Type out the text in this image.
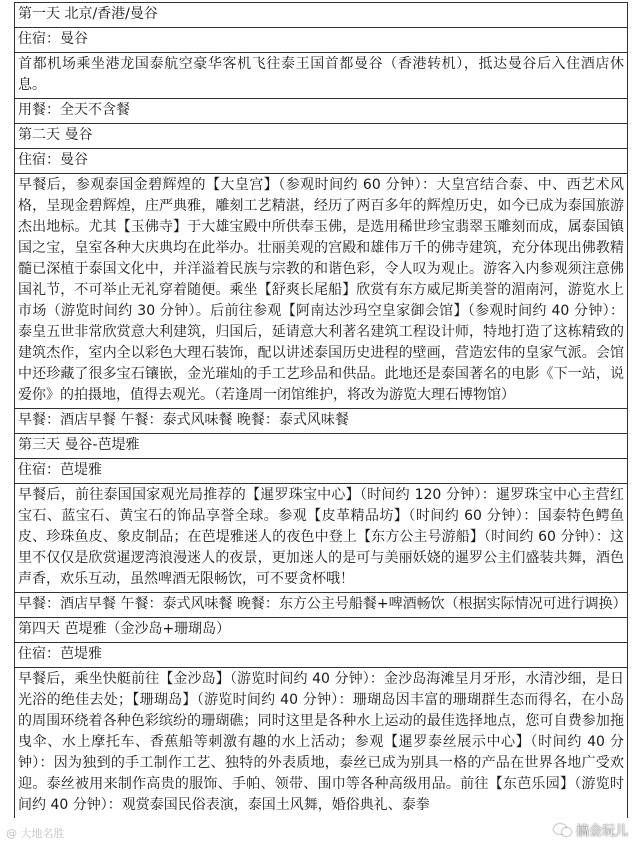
第一天 北京/香港/曼谷
住宿：曼谷
首都机场乘坐港龙国泰航空豪华客机飞往泰王国首都曼谷（香港转机），抵达曼谷后入住酒店休息。
用餐：全天不含餐
第二天 曼谷
住宿：曼谷
早餐后，参观泰国金碧辉煌的【大皇宫】（参观时间约 60 分钟）：大皇宫结合泰、中、西艺术风格，呈现金碧辉煌，庄严典雅，雕刻工艺精湛，经历了两百多年的辉煌历史，如今已成为泰国旅游杰出地标。尤其【玉佛寺】于大雄宝殿中所供奉玉佛，是选用稀世珍宝翡翠玉雕刻而成，属泰国镇国之宝，皇室各种大庆典均在此举办。壮丽美观的宫殿和雄伟万千的佛寺建筑，充分体现出佛教精髓已深植于泰国文化中，并洋溢着民族与宗教的和谐色彩，令人叹为观止。游客入内参观须注意佛国礼节，不可举止无礼穿着随便。乘坐【舒爽长尾船】欣赏有东方威尼斯美誉的湄南河，游览水上市场（游览时间约 30 分钟）。后前往参观【阿南达沙玛空皇家御会馆】（参观时间约 40 分钟）：泰皇五世非常欣赏意大利建筑，归国后，延请意大利著名建筑工程设计师，特地打造了这栋精致的建筑杰作，室内全以彩色大理石装饰，配以讲述泰国历史进程的壁画，营造宏伟的皇家气派。会馆中还珍藏了很多宝石镶嵌，金光璀灿的手工艺珍品和供品。此地还是泰国著名的电影《下一站，说爱你》的拍摄地，值得去观光。（若逢周一闭馆维护，将改为游览大理石博物馆）
早餐：酒店早餐 午餐：泰式风味餐 晚餐：泰式风味餐
第三天 曼谷-芭堤雅
住宿：芭堤雅
早餐后，前往泰国国家观光局推荐的【暹罗珠宝中心】（时间约 120 分钟）：暹罗珠宝中心主营红宝石、蓝宝石、黄宝石的饰品享誉全球。参观【皮革精品坊】（时间约 60 分钟）：国泰特色鳄鱼皮、珍珠鱼皮、象皮制品；在芭堤雅迷人的夜色中登上【东方公主号游船】（时间约 60 分钟）：这里不仅仅是欣赏暹逻湾浪漫迷人的夜景，更加迷人的是可与美丽妖娆的暹罗公主们盛装共舞，酒色声香，欢乐互动，虽然啤酒无限畅饮，可不要贪杯哦！
早餐：酒店早餐 午餐：泰式风味餐 晚餐：东方公主号船餐+啤酒畅饮（根据实际情况可进行调换）
第四天 芭堤雅（金沙岛+珊瑚岛）
住宿：芭堤雅
早餐后，乘坐快艇前往【金沙岛】（游览时间约 40 分钟）：金沙岛海滩呈月牙形，水清沙细，是日光浴的绝佳去处；【珊瑚岛】（游览时间约 40 分钟）：珊瑚岛因丰富的珊瑚群生态而得名，在小岛的周围环绕着各种色彩缤纷的珊瑚礁；同时这里是各种水上运动的最佳选择地点，您可自费参加拖曳伞、水上摩托车、香蕉船等刺激有趣的水上活动；参观【暹罗泰丝展示中心】（时间约 40 分钟）：因为独到的手工制作工艺、独特的外表质地，泰丝已成为别具一格的产品在世界各地广受欢迎。泰丝被用来制作高贵的服饰、手帕、领带、围巾等各种高级用品。前往【东芭乐园】（游览时间约 40 分钟）：观赏泰国民俗表演，泰国土风舞，婚俗典礼、泰拳
@ 大地名胜	搞会玩儿
